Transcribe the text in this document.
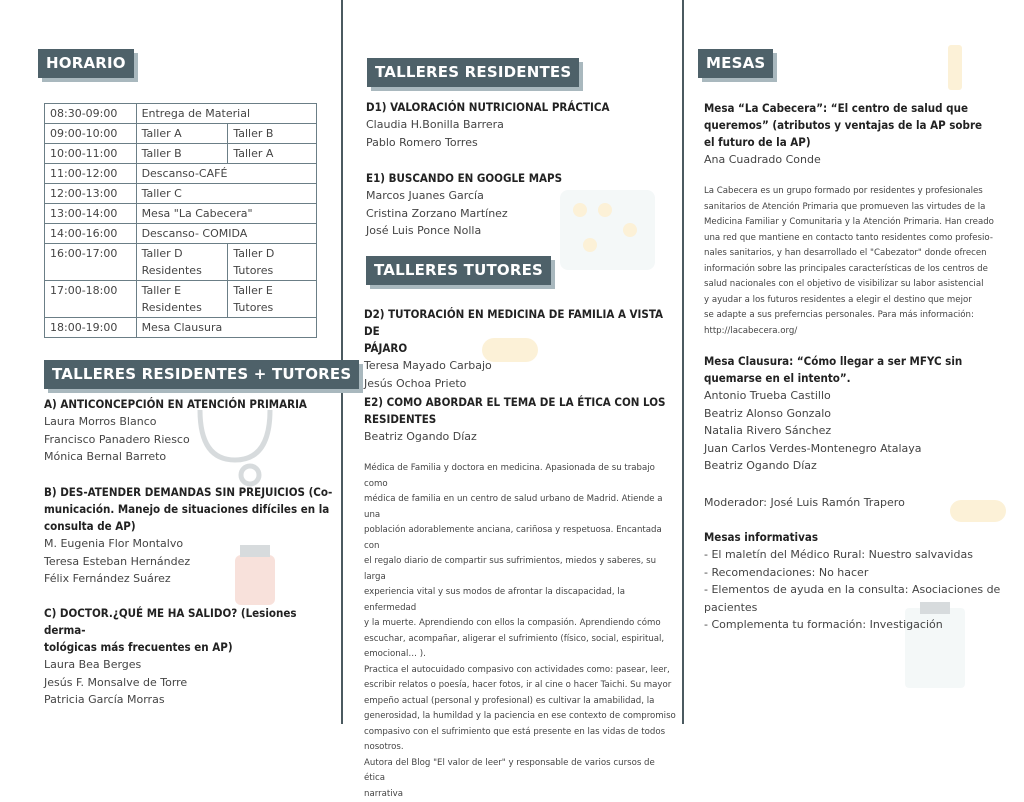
HORARIO
08:30-09:00	Entrega de Material	
09:00-10:00	Taller A	Taller B
10:00-11:00	Taller B	Taller A
11:00-12:00	Descanso-CAFÉ	
12:00-13:00	Taller C	
13:00-14:00	Mesa "La Cabecera"	
14:00-16:00	Descanso- COMIDA	
16:00-17:00	Taller D Residentes	Taller D Tutores
17:00-18:00	Taller E Residentes	Taller E Tutores
18:00-19:00	Mesa Clausura	
TALLERES RESIDENTES + TUTORES

A) ANTICONCEPCIÓN EN ATENCIÓN PRIMARIA

Laura Morros Blanco
Francisco Panadero Riesco
Mónica Bernal Barreto

B) DES-ATENDER DEMANDAS SIN PREJUICIOS (Co-

municación. Manejo de situaciones difíciles en la

consulta de AP)

M. Eugenia Flor Montalvo
Teresa Esteban Hernández
Félix Fernández Suárez

C) DOCTOR.¿QUÉ ME HA SALIDO? (Lesiones derma-

tológicas más frecuentes en AP)

Laura Bea Berges
Jesús F. Monsalve de Torre
Patricia García Morras
TALLERES RESIDENTES

D1) VALORACIÓN NUTRICIONAL PRÁCTICA

Claudia H.Bonilla Barrera
Pablo Romero Torres

E1) BUSCANDO EN GOOGLE MAPS

Marcos Juanes García
Cristina Zorzano Martínez
José Luis Ponce Nolla
TALLERES TUTORES

D2) TUTORACIÓN EN MEDICINA DE FAMILIA A VISTA DE

PÁJARO

Teresa Mayado Carbajo
Jesús Ochoa Prieto

E2) COMO ABORDAR EL TEMA DE LA ÉTICA CON LOS

RESIDENTES

Beatriz Ogando Díaz
Médica de Familia y doctora en medicina. Apasionada de su trabajo como
médica de familia en un centro de salud urbano de Madrid. Atiende a una
población adorablemente anciana, cariñosa y respetuosa. Encantada con
el regalo diario de compartir sus sufrimientos, miedos y saberes, su larga
experiencia vital y sus modos de afrontar la discapacidad, la enfermedad
y la muerte. Aprendiendo con ellos la compasión. Aprendiendo cómo
escuchar, acompañar, aligerar el sufrimiento (físico, social, espiritual,
emocional… ).
Practica el autocuidado compasivo con actividades como: pasear, leer,
escribir relatos o poesía, hacer fotos, ir al cine o hacer Taichi. Su mayor
empeño actual (personal y profesional) es cultivar la amabilidad, la
generosidad, la humildad y la paciencia en ese contexto de compromiso
compasivo con el sufrimiento que está presente en las vidas de todos
nosotros.
Autora del Blog "El valor de leer" y responsable de varios cursos de ética
narrativa
MESAS

Mesa “La Cabecera”: “El centro de salud que

queremos” (atributos y ventajas de la AP sobre

el futuro de la AP)

Ana Cuadrado Conde
La Cabecera es un grupo formado por residentes y profesionales
sanitarios de Atención Primaria que promueven las virtudes de la
Medicina Familiar y Comunitaria y la Atención Primaria. Han creado
una red que mantiene en contacto tanto residentes como profesio-
nales sanitarios, y han desarrollado el "Cabezator" donde ofrecen
información sobre las principales características de los centros de
salud nacionales con el objetivo de visibilizar su labor asistencial
y ayudar a los futuros residentes a elegir el destino que mejor
se adapte a sus preferncias personales. Para más información:
http://lacabecera.org/

Mesa Clausura: “Cómo llegar a ser MFYC sin

quemarse en el intento”.

Antonio Trueba Castillo
Beatriz Alonso Gonzalo
Natalia Rivero Sánchez
Juan Carlos Verdes-Montenegro Atalaya
Beatriz Ogando Díaz
Moderador: José Luis Ramón Trapero

Mesas informativas

- El maletín del Médico Rural: Nuestro salvavidas
- Recomendaciones: No hacer
- Elementos de ayuda en la consulta: Asociaciones de
pacientes
- Complementa tu formación: Investigación
